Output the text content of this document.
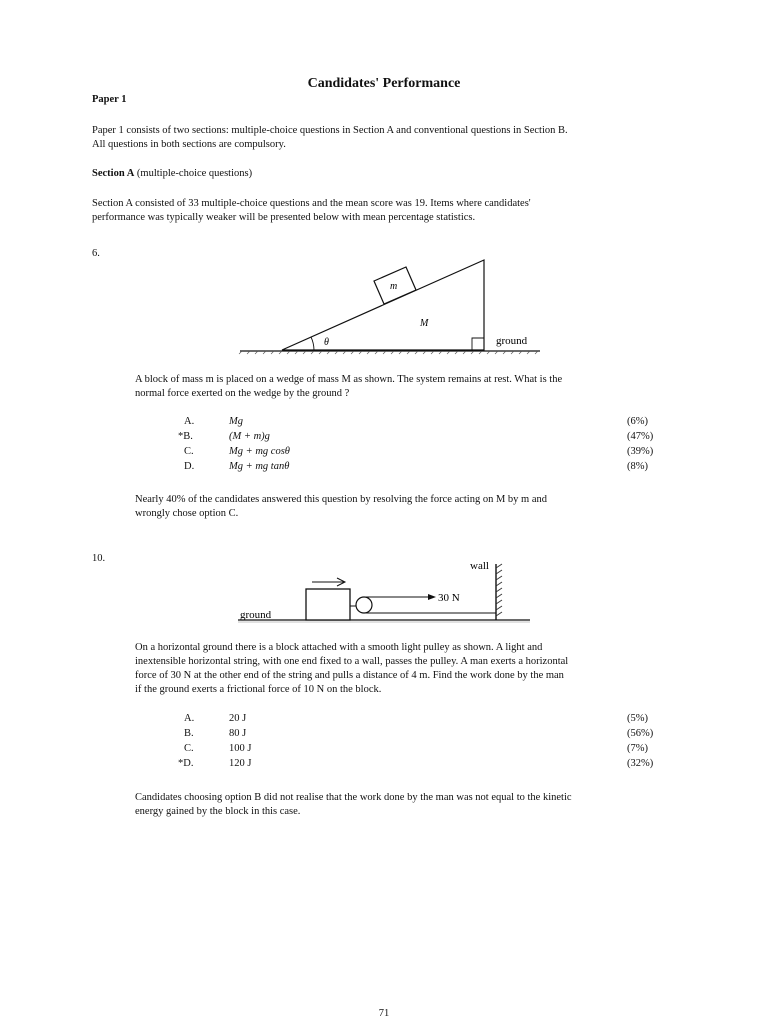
Candidates' Performance
Paper 1
Paper 1 consists of two sections: multiple-choice questions in Section A and conventional questions in Section B.
All questions in both sections are compulsory.
Section A (multiple-choice questions)
Section A consisted of 33 multiple-choice questions and the mean score was 19. Items where candidates'
performance was typically weaker will be presented below with mean percentage statistics.
6.
m
M
θ	ground
A block of mass m is placed on a wedge of mass M as shown. The system remains at rest. What is the
normal force exerted on the wedge by the ground ?
A.	Mg	(6%)
*B.	(M + m)g	(47%)
C.	Mg + mg cosθ	(39%)
D.	Mg + mg tanθ	(8%)
Nearly 40% of the candidates answered this question by resolving the force acting on M by m and
wrongly chose option C.
10.
wall
ground
30 N
On a horizontal ground there is a block attached with a smooth light pulley as shown. A light and
inextensible horizontal string, with one end fixed to a wall, passes the pulley. A man exerts a horizontal
force of 30 N at the other end of the string and pulls a distance of 4 m. Find the work done by the man
if the ground exerts a frictional force of 10 N on the block.
A.	20 J	(5%)
B.	80 J	(56%)
C.	100 J	(7%)
*D.	120 J	(32%)
Candidates choosing option B did not realise that the work done by the man was not equal to the kinetic
energy gained by the block in this case.
71
